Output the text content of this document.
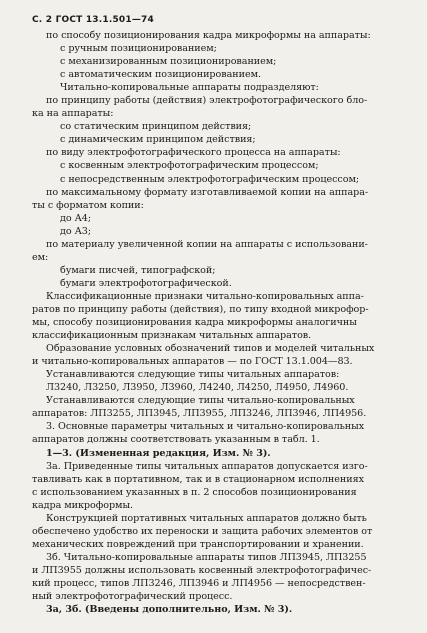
С. 2 ГОСТ 13.1.501—74
по способу позиционирования кадра микроформы на аппараты:
с ручным позиционированием;
с механизированным позиционированием;
с автоматическим позиционированием.
Читально-копировальные аппараты подразделяют:
по принципу работы (действия) электрофотографического бло-
ка на аппараты:
со статическим принципом действия;
с динамическим принципом действия;
по виду электрофотографического процесса на аппараты:
с косвенным электрофотографическим процессом;
с непосредственным электрофотографическим процессом;
по максимальному формату изготавливаемой копии на аппара-
ты с форматом копии:
до А4;
до А3;
по материалу увеличенной копии на аппараты с использовани-
ем:
бумаги писчей, типографской;
бумаги электрофотографической.
Классификационные признаки читально-копировальных аппа-
ратов по принципу работы (действия), по типу входной микрофор-
мы, способу позиционирования кадра микроформы аналогичны
классификационным признакам читальных аппаратов.
Образование условных обозначений типов и моделей читальных
и читально-копировальных аппаратов — по ГОСТ 13.1.004—83.
Устанавливаются следующие типы читальных аппаратов:
Л3240, Л3250, Л3950, Л3960, Л4240, Л4250, Л4950, Л4960.
Устанавливаются следующие типы читально-копировальных
аппаратов: ЛП3255, ЛП3945, ЛП3955, ЛП3246, ЛП3946, ЛП4956.
3. Основные параметры читальных и читально-копировальных
аппаратов должны соответствовать указанным в табл. 1.
1—3. (Измененная редакция, Изм. № 3).
3а. Приведенные типы читальных аппаратов допускается изго-
тавливать как в портативном, так и в стационарном исполнениях
с использованием указанных в п. 2 способов позиционирования
кадра микроформы.
Конструкцией портативных читальных аппаратов должно быть
обеспечено удобство их переноски и защита рабочих элементов от
механических повреждений при транспортировании и хранении.
3б. Читально-копировальные аппараты типов ЛП3945, ЛП3255
и ЛП3955 должны использовать косвенный электрофотографичес-
кий процесс, типов ЛП3246, ЛП3946 и ЛП4956 — непосредствен-
ный электрофотографический процесс.
3а, 3б. (Введены дополнительно, Изм. № 3).
